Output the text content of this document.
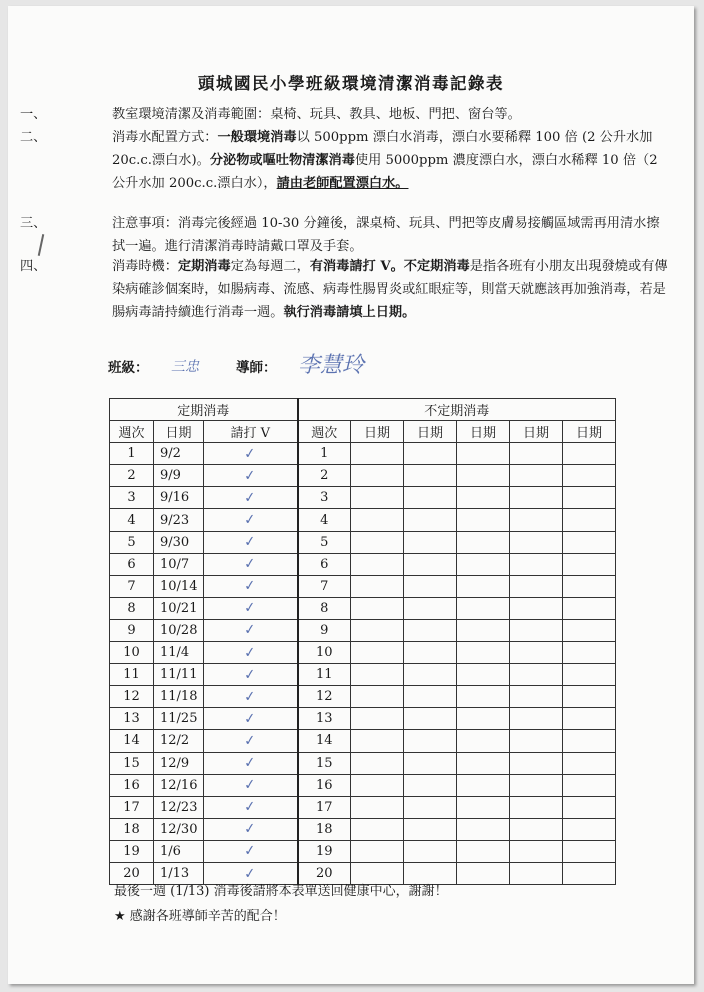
頭城國民小學班級環境清潔消毒記錄表
一、	教室環境清潔及消毒範圍：桌椅、玩具、教具、地板、門把、窗台等。
二、	消毒水配置方式：一般環境消毒以 500ppm 漂白水消毒，漂白水要稀釋 100 倍 (2 公升水加 20c.c.漂白水)。分泌物或嘔吐物清潔消毒使用 5000ppm 濃度漂白水，漂白水稀釋 10 倍（2 公升水加 200c.c.漂白水），請由老師配置漂白水。
三、	注意事項：消毒完後經過 10-30 分鐘後，課桌椅、玩具、門把等皮膚易接觸區域需再用清水擦拭一遍。進行清潔消毒時請戴口罩及手套。
四、	消毒時機：定期消毒定為每週二，有消毒請打 V。不定期消毒是指各班有小朋友出現發燒或有傳染病確診個案時，如腸病毒、流感、病毒性腸胃炎或紅眼症等，則當天就應該再加強消毒，若是腸病毒請持續進行消毒一週。執行消毒請填上日期。
班級： 三忠	導師： 李慧玲
定期消毒			不定期消毒					
週次	日期	請打 V	週次	日期	日期	日期	日期	日期
1	9/2	✓	1					
2	9/9	✓	2					
3	9/16	✓	3					
4	9/23	✓	4					
5	9/30	✓	5					
6	10/7	✓	6					
7	10/14	✓	7					
8	10/21	✓	8					
9	10/28	✓	9					
10	11/4	✓	10					
11	11/11	✓	11					
12	11/18	✓	12					
13	11/25	✓	13					
14	12/2	✓	14					
15	12/9	✓	15					
16	12/16	✓	16					
17	12/23	✓	17					
18	12/30	✓	18					
19	1/6	✓	19					
20	1/13	✓	20					
最後一週 (1/13) 消毒後請將本表單送回健康中心，謝謝！
★ 感謝各班導師辛苦的配合！
